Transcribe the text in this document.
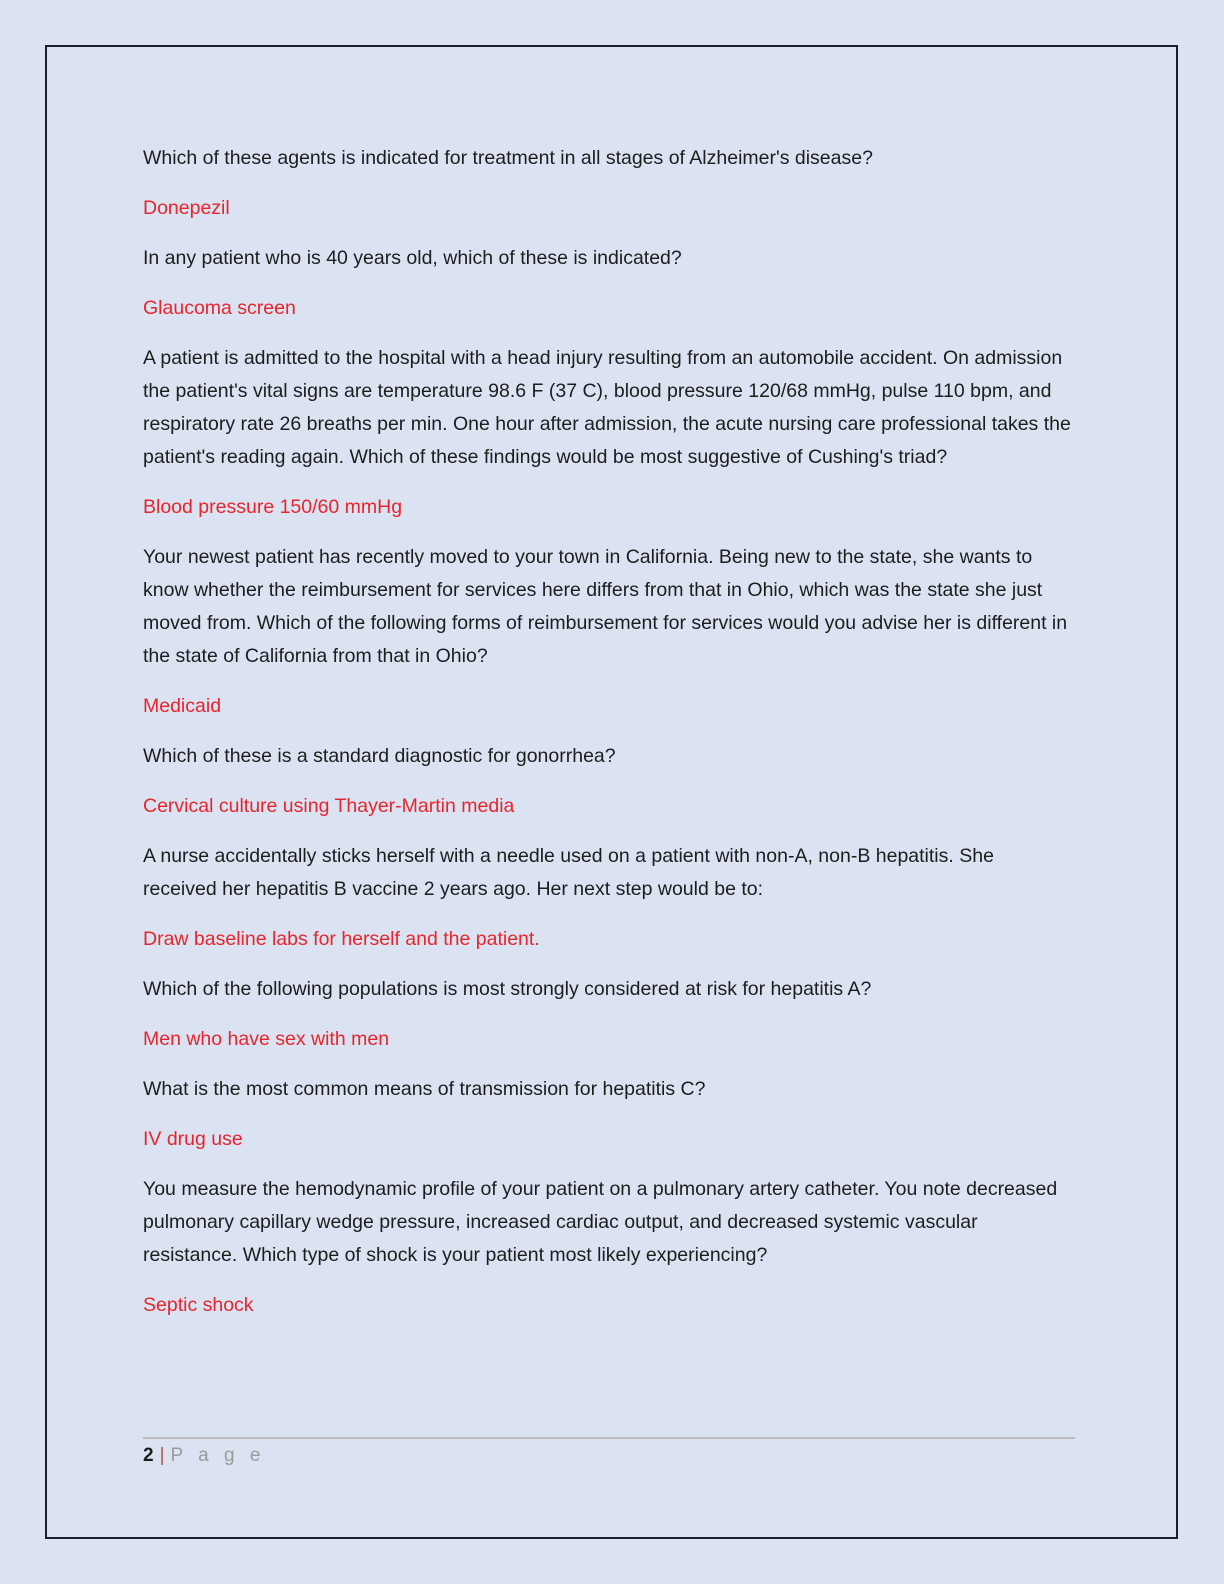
Which of these agents is indicated for treatment in all stages of Alzheimer's disease?

Donepezil

In any patient who is 40 years old, which of these is indicated?

Glaucoma screen

A patient is admitted to the hospital with a head injury resulting from an automobile accident. On admission the patient's vital signs are temperature 98.6 F (37 C), blood pressure 120/68 mmHg, pulse 110 bpm, and respiratory rate 26 breaths per min. One hour after admission, the acute nursing care professional takes the patient's reading again. Which of these findings would be most suggestive of Cushing's triad?

Blood pressure 150/60 mmHg

Your newest patient has recently moved to your town in California. Being new to the state, she wants to know whether the reimbursement for services here differs from that in Ohio, which was the state she just moved from. Which of the following forms of reimbursement for services would you advise her is different in the state of California from that in Ohio?

Medicaid

Which of these is a standard diagnostic for gonorrhea?

Cervical culture using Thayer-Martin media

A nurse accidentally sticks herself with a needle used on a patient with non-A, non-B hepatitis. She received her hepatitis B vaccine 2 years ago. Her next step would be to:

Draw baseline labs for herself and the patient.

Which of the following populations is most strongly considered at risk for hepatitis A?

Men who have sex with men

What is the most common means of transmission for hepatitis C?

IV drug use

You measure the hemodynamic profile of your patient on a pulmonary artery catheter. You note decreased pulmonary capillary wedge pressure, increased cardiac output, and decreased systemic vascular resistance. Which type of shock is your patient most likely experiencing?

Septic shock

2 | P a g e
